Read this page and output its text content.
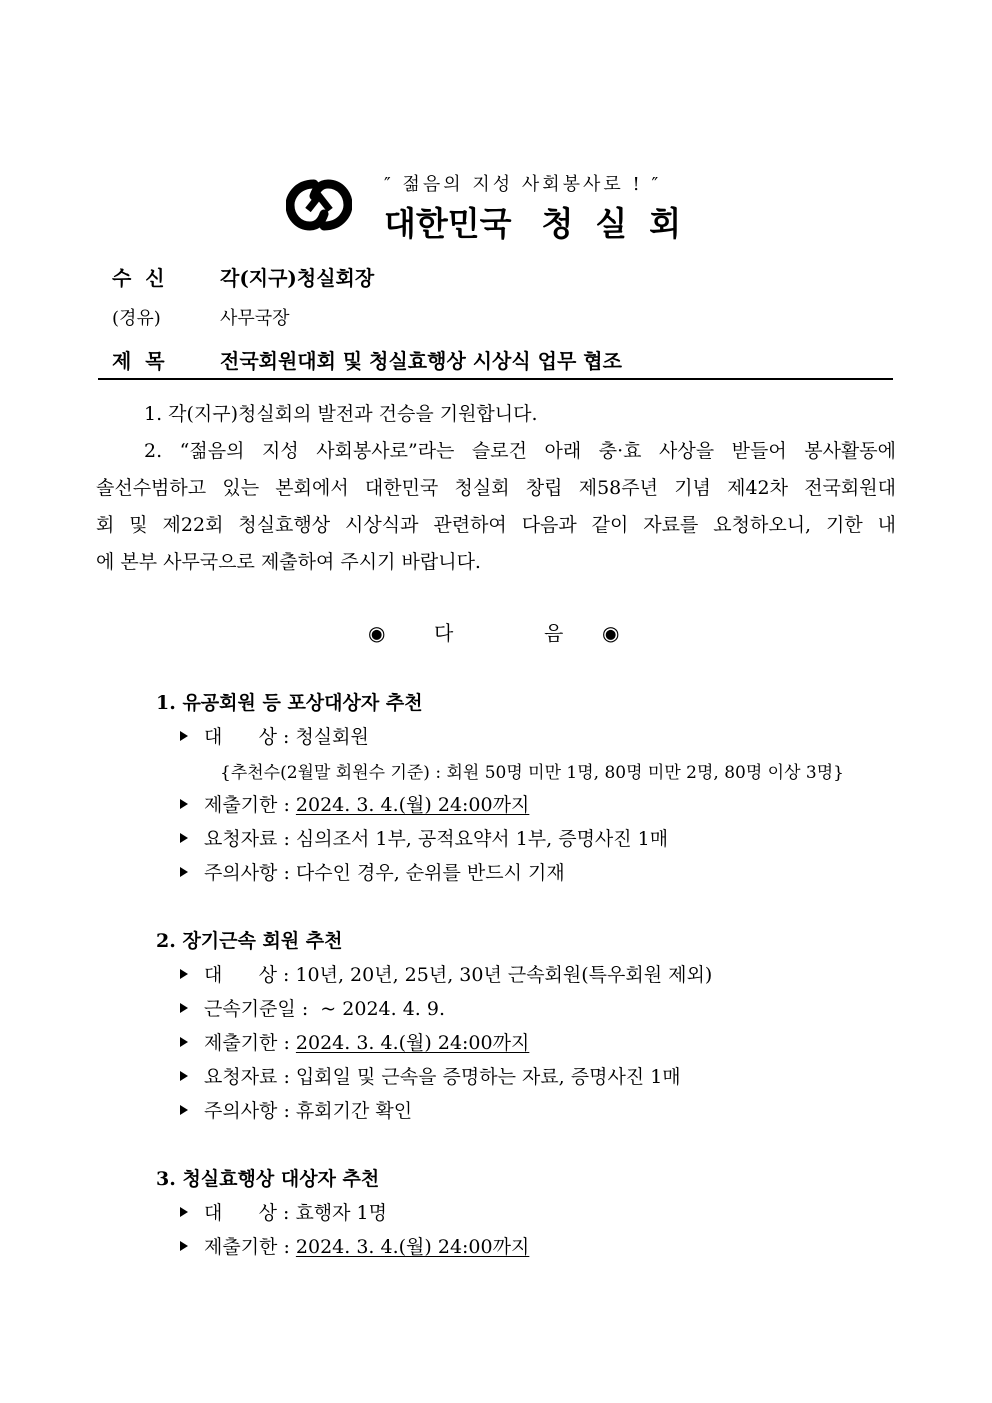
″ 젊음의 지성 사회봉사로 ! ″
대한민국 청 실 회
수  신	각(지구)청실회장
(경유)	사무국장
제  목	전국회원대회 및 청실효행상 시상식 업무 협조

1. 각(지구)청실회의 발전과 건승을 기원합니다.

2. “젊음의 지성 사회봉사로”라는 슬로건 아래 충·효 사상을 받들어 봉사활동에

솔선수범하고 있는 본회에서 대한민국 청실회 창립 제58주년 기념 제42차 전국회원대

회 및 제22회 청실효행상 시상식과 관련하여 다음과 같이 자료를 요청하오니, 기한 내

에 본부 사무국으로 제출하여 주시기 바랍니다.

◉ 다	음 ◉
1. 유공회원 등 포상대상자 추천
대      상 : 청실회원
{추천수(2월말 회원수 기준) : 회원 50명 미만 1명, 80명 미만 2명, 80명 이상 3명}
제출기한 : 2024. 3. 4.(월) 24:00까지
요청자료 : 심의조서 1부, 공적요약서 1부, 증명사진 1매
주의사항 : 다수인 경우, 순위를 반드시 기재
2. 장기근속 회원 추천
대      상 : 10년, 20년, 25년, 30년 근속회원(특우회원 제외)
근속기준일 :  ~ 2024. 4. 9.
제출기한 : 2024. 3. 4.(월) 24:00까지
요청자료 : 입회일 및 근속을 증명하는 자료, 증명사진 1매
주의사항 : 휴회기간 확인
3. 청실효행상 대상자 추천
대      상 : 효행자 1명
제출기한 : 2024. 3. 4.(월) 24:00까지
